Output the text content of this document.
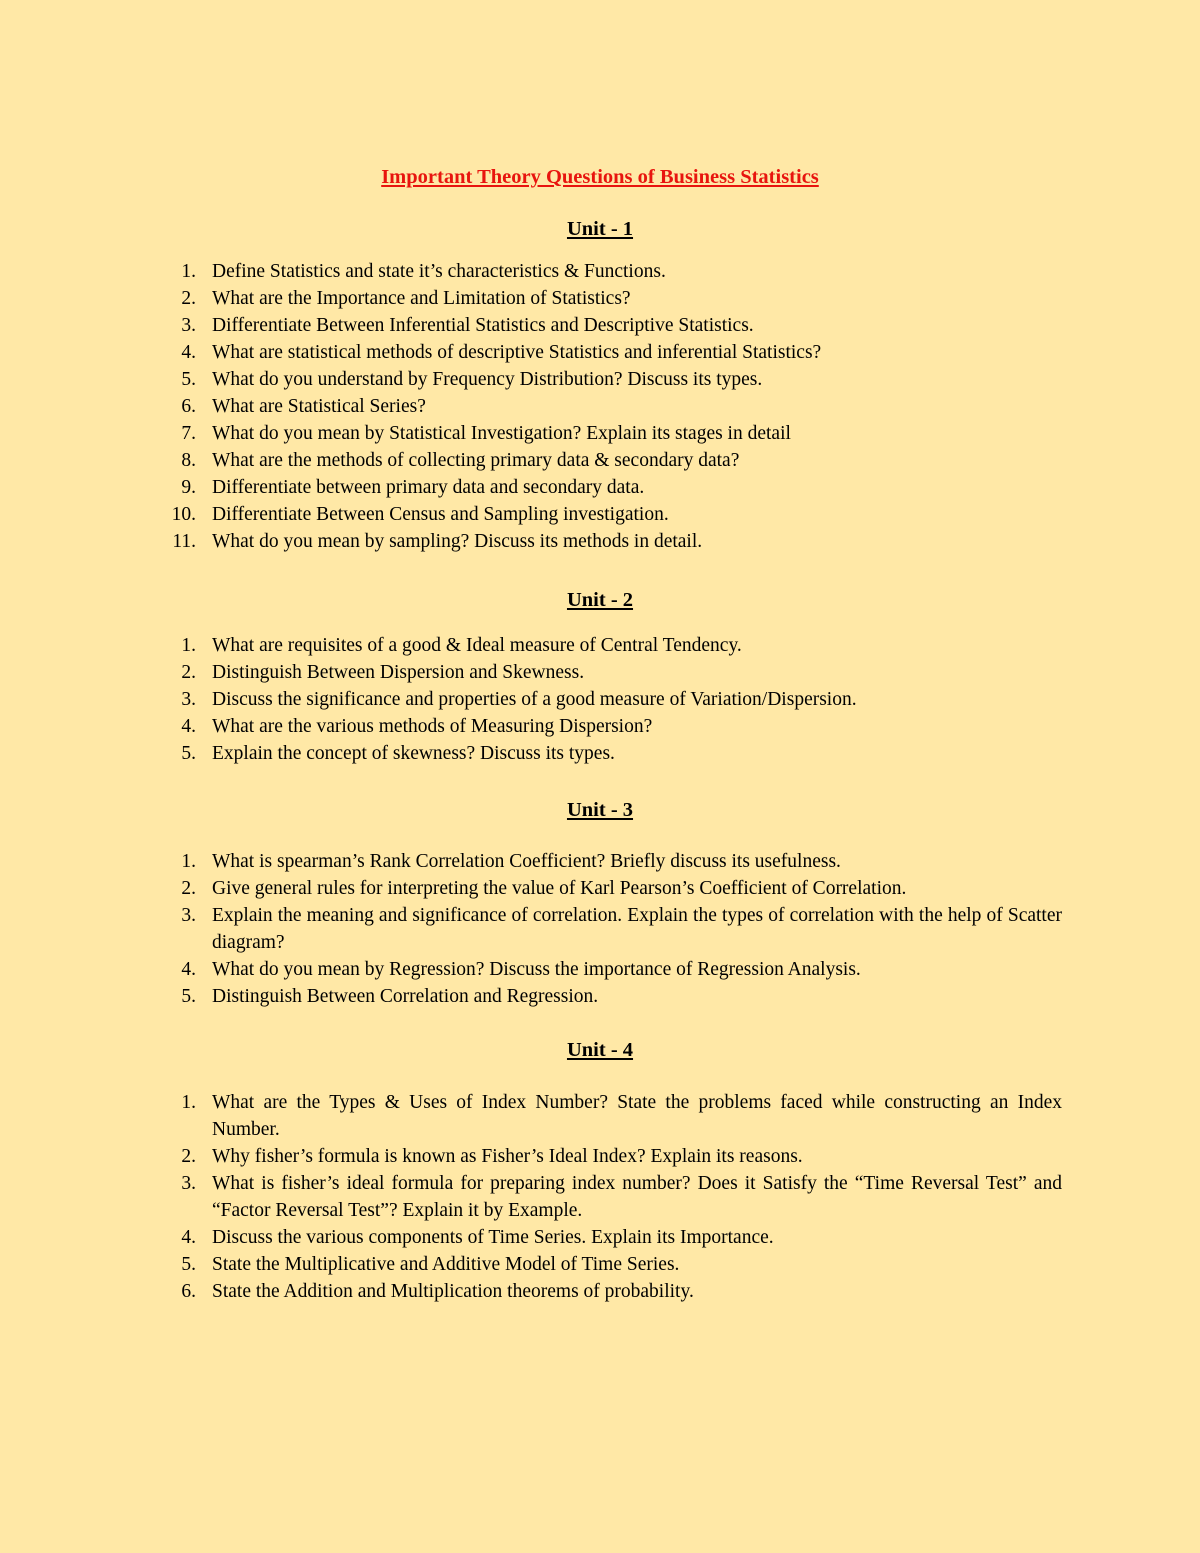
Important Theory Questions of Business Statistics
Unit - 1
1. Define Statistics and state it’s characteristics & Functions.
2. What are the Importance and Limitation of Statistics?
3. Differentiate Between Inferential Statistics and Descriptive Statistics.
4. What are statistical methods of descriptive Statistics and inferential Statistics?
5. What do you understand by Frequency Distribution? Discuss its types.
6. What are Statistical Series?
7. What do you mean by Statistical Investigation? Explain its stages in detail
8. What are the methods of collecting primary data & secondary data?
9. Differentiate between primary data and secondary data.
10. Differentiate Between Census and Sampling investigation.
11. What do you mean by sampling? Discuss its methods in detail.
Unit - 2
1. What are requisites of a good & Ideal measure of Central Tendency.
2. Distinguish Between Dispersion and Skewness.
3. Discuss the significance and properties of a good measure of Variation/Dispersion.
4. What are the various methods of Measuring Dispersion?
5. Explain the concept of skewness? Discuss its types.
Unit - 3
1. What is spearman’s Rank Correlation Coefficient? Briefly discuss its usefulness.
2. Give general rules for interpreting the value of Karl Pearson’s Coefficient of Correlation.
3. Explain the meaning and significance of correlation. Explain the types of correlation with the help of Scatter diagram?
4. What do you mean by Regression? Discuss the importance of Regression Analysis.
5. Distinguish Between Correlation and Regression.
Unit - 4
1. What are the Types & Uses of Index Number? State the problems faced while constructing an Index Number.
2. Why fisher’s formula is known as Fisher’s Ideal Index? Explain its reasons.
3. What is fisher’s ideal formula for preparing index number? Does it Satisfy the “Time Reversal Test” and “Factor Reversal Test”? Explain it by Example.
4. Discuss the various components of Time Series. Explain its Importance.
5. State the Multiplicative and Additive Model of Time Series.
6. State the Addition and Multiplication theorems of probability.
